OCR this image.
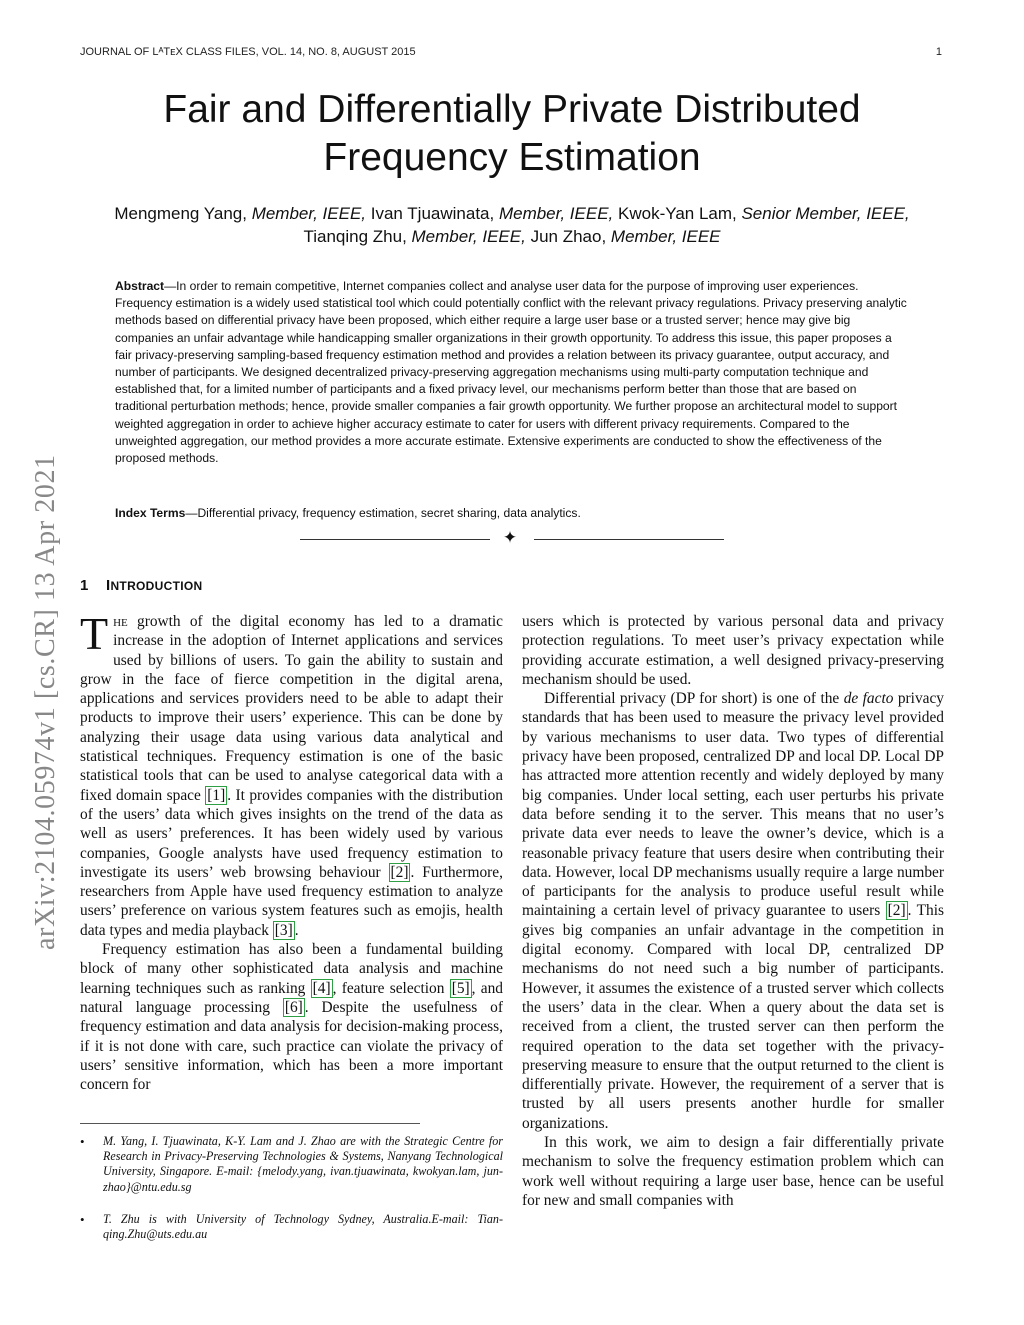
JOURNAL OF LᴬTᴇX CLASS FILES, VOL. 14, NO. 8, AUGUST 2015	1
arXiv:2104.05974v1 [cs.CR] 13 Apr 2021
Fair and Differentially Private Distributed
Frequency Estimation
Mengmeng Yang, Member, IEEE, Ivan Tjuawinata, Member, IEEE, Kwok-Yan Lam, Senior Member, IEEE,
Tianqing Zhu, Member, IEEE, Jun Zhao, Member, IEEE

Abstract—In order to remain competitive, Internet companies collect and analyse user data for the purpose of improving user experiences. Frequency estimation is a widely used statistical tool which could potentially conflict with the relevant privacy regulations. Privacy preserving analytic methods based on differential privacy have been proposed, which either require a large user base or a trusted server; hence may give big companies an unfair advantage while handicapping smaller organizations in their growth opportunity. To address this issue, this paper proposes a fair privacy-preserving sampling-based frequency estimation method and provides a relation between its privacy guarantee, output accuracy, and number of participants. We designed decentralized privacy-preserving aggregation mechanisms using multi-party computation technique and established that, for a limited number of participants and a fixed privacy level, our mechanisms perform better than those that are based on traditional perturbation methods; hence, provide smaller companies a fair growth opportunity. We further propose an architectural model to support weighted aggregation in order to achieve higher accuracy estimate to cater for users with different privacy requirements. Compared to the unweighted aggregation, our method provides a more accurate estimate. Extensive experiments are conducted to show the effectiveness of the proposed methods.

Index Terms—Differential privacy, frequency estimation, secret sharing, data analytics.
✦
1 INTRODUCTION

The growth of the digital economy has led to a dramatic increase in the adoption of Internet applications and services used by billions of users. To gain the ability to sustain and grow in the face of fierce competition in the digital arena, applications and services providers need to be able to adapt their products to improve their users’ experience. This can be done by analyzing their usage data using various data analytical and statistical techniques. Frequency estimation is one of the basic statistical tools that can be used to analyse categorical data with a fixed domain space [1] . It provides companies with the distribution of the users’ data which gives insights on the trend of the data as well as users’ preferences. It has been widely used by various companies, Google analysts have used frequency estimation to investigate its users’ web browsing behaviour [2] . Furthermore, researchers from Apple have used frequency estimation to analyze users’ preference on various system features such as emojis, health data types and media playback [3] .

Frequency estimation has also been a fundamental building block of many other sophisticated data analysis and machine learning techniques such as ranking [4] , feature selection [5] , and natural language processing [6] . Despite the usefulness of frequency estimation and data analysis for decision-making process, if it is not done with care, such practice can violate the privacy of users’ sensitive information, which has been a more important concern for

• M. Yang, I. Tjuawinata, K-Y. Lam and J. Zhao are with the Strategic Centre for Research in Privacy-Preserving Technologies & Systems, Nanyang Technological University, Singapore. E-mail: {melody.yang, ivan.tjuawinata, kwokyan.lam, jun-zhao}@ntu.edu.sg
• T. Zhu is with University of Technology Sydney, Australia.E-mail: Tian-qing.Zhu@uts.edu.au

users which is protected by various personal data and privacy protection regulations. To meet user’s privacy expectation while providing accurate estimation, a well designed privacy-preserving mechanism should be used.

Differential privacy (DP for short) is one of the de facto privacy standards that has been used to measure the privacy level provided by various mechanisms to user data. Two types of differential privacy have been proposed, centralized DP and local DP. Local DP has attracted more attention recently and widely deployed by many big companies. Under local setting, each user perturbs his private data before sending it to the server. This means that no user’s private data ever needs to leave the owner’s device, which is a reasonable privacy feature that users desire when contributing their data. However, local DP mechanisms usually require a large number of participants for the analysis to produce useful result while maintaining a certain level of privacy guarantee to users [2] . This gives big companies an unfair advantage in the competition in digital economy. Compared with local DP, centralized DP mechanisms do not need such a big number of participants. However, it assumes the existence of a trusted server which collects the users’ data in the clear. When a query about the data set is received from a client, the trusted server can then perform the required operation to the data set together with the privacy-preserving measure to ensure that the output returned to the client is differentially private. However, the requirement of a server that is trusted by all users presents another hurdle for smaller organizations.

In this work, we aim to design a fair differentially private mechanism to solve the frequency estimation problem which can work well without requiring a large user base, hence can be useful for new and small companies with
